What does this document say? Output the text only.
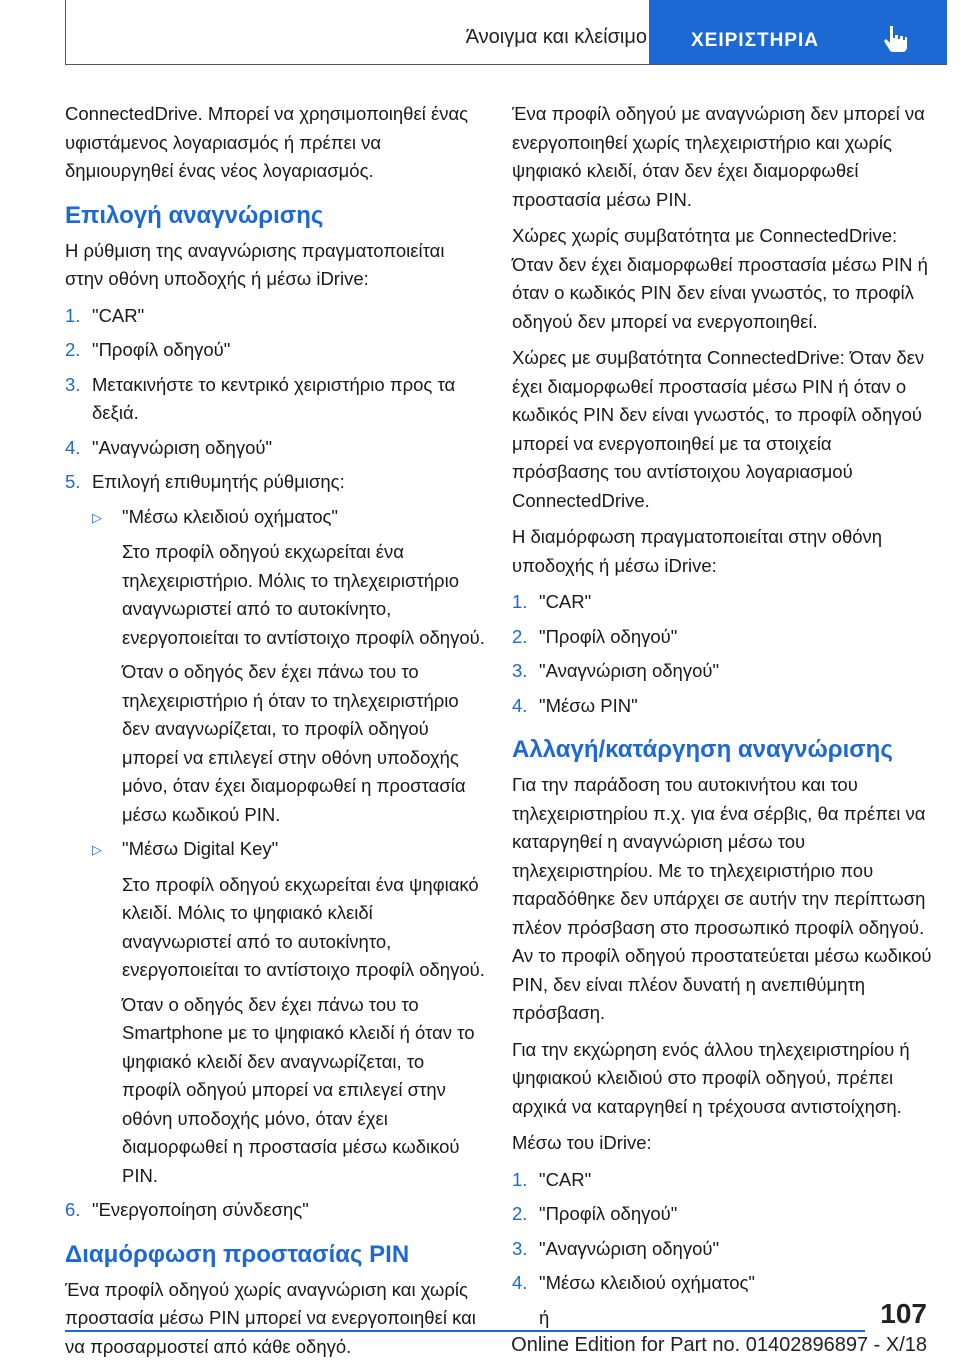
Άνοιγμα και κλείσιμο ΧΕΙΡΙΣΤΗΡΙΑ
ConnectedDrive. Μπορεί να χρησιμοποιηθεί ένας υφιστάμενος λογαριασμός ή πρέπει να δημιουργηθεί ένας νέος λογαριασμός.
Επιλογή αναγνώρισης
Η ρύθμιση της αναγνώρισης πραγματοποιείται στην οθόνη υποδοχής ή μέσω iDrive:
1. "CAR"
2. "Προφίλ οδηγού"
3. Μετακινήστε το κεντρικό χειριστήριο προς τα δεξιά.
4. "Αναγνώριση οδηγού"
5. Επιλογή επιθυμητής ρύθμισης:
▷	"Μέσω κλειδιού οχήματος"
Στο προφίλ οδηγού εκχωρείται ένα τηλεχειριστήριο. Μόλις το τηλεχειριστήριο αναγνωριστεί από το αυτοκίνητο, ενεργοποιείται το αντίστοιχο προφίλ οδηγού.
Όταν ο οδηγός δεν έχει πάνω του το τηλεχειριστήριο ή όταν το τηλεχειριστήριο δεν αναγνωρίζεται, το προφίλ οδηγού μπορεί να επιλεγεί στην οθόνη υποδοχής μόνο, όταν έχει διαμορφωθεί η προστασία μέσω κωδικού PIN.
▷	"Μέσω Digital Key"
Στο προφίλ οδηγού εκχωρείται ένα ψηφιακό κλειδί. Μόλις το ψηφιακό κλειδί αναγνωριστεί από το αυτοκίνητο, ενεργοποιείται το αντίστοιχο προφίλ οδηγού.
Όταν ο οδηγός δεν έχει πάνω του το Smartphone με το ψηφιακό κλειδί ή όταν το ψηφιακό κλειδί δεν αναγνωρίζεται, το προφίλ οδηγού μπορεί να επιλεγεί στην οθόνη υποδοχής μόνο, όταν έχει διαμορφωθεί η προστασία μέσω κωδικού PIN.
6. "Ενεργοποίηση σύνδεσης"
Διαμόρφωση προστασίας PIN
Ένα προφίλ οδηγού χωρίς αναγνώριση και χωρίς προστασία μέσω PIN μπορεί να ενεργοποιηθεί και να προσαρμοστεί από κάθε οδηγό.
Ένα προφίλ οδηγού με αναγνώριση δεν μπορεί να ενεργοποιηθεί χωρίς τηλεχειριστήριο και χωρίς ψηφιακό κλειδί, όταν δεν έχει διαμορφωθεί προστασία μέσω PIN.
Χώρες χωρίς συμβατότητα με ConnectedDrive: Όταν δεν έχει διαμορφωθεί προστασία μέσω PIN ή όταν ο κωδικός PIN δεν είναι γνωστός, το προφίλ οδηγού δεν μπορεί να ενεργοποιηθεί.
Χώρες με συμβατότητα ConnectedDrive: Όταν δεν έχει διαμορφωθεί προστασία μέσω PIN ή όταν ο κωδικός PIN δεν είναι γνωστός, το προφίλ οδηγού μπορεί να ενεργοποιηθεί με τα στοιχεία πρόσβασης του αντίστοιχου λογαριασμού ConnectedDrive.
Η διαμόρφωση πραγματοποιείται στην οθόνη υποδοχής ή μέσω iDrive:
1. "CAR"
2. "Προφίλ οδηγού"
3. "Αναγνώριση οδηγού"
4. "Μέσω PIN"
Αλλαγή/κατάργηση αναγνώρισης
Για την παράδοση του αυτοκινήτου και του τηλεχειριστηρίου π.χ. για ένα σέρβις, θα πρέπει να καταργηθεί η αναγνώριση μέσω του τηλεχειριστηρίου. Με το τηλεχειριστήριο που παραδόθηκε δεν υπάρχει σε αυτήν την περίπτωση πλέον πρόσβαση στο προσωπικό προφίλ οδηγού. Αν το προφίλ οδηγού προστατεύεται μέσω κωδικού PIN, δεν είναι πλέον δυνατή η ανεπιθύμητη πρόσβαση.
Για την εκχώρηση ενός άλλου τηλεχειριστηρίου ή ψηφιακού κλειδιού στο προφίλ οδηγού, πρέπει αρχικά να καταργηθεί η τρέχουσα αντιστοίχηση.
Μέσω του iDrive:
1. "CAR"
2. "Προφίλ οδηγού"
3. "Αναγνώριση οδηγού"
4. "Μέσω κλειδιού οχήματος"
ή	107
Online Edition for Part no. 01402896897 - X/18
